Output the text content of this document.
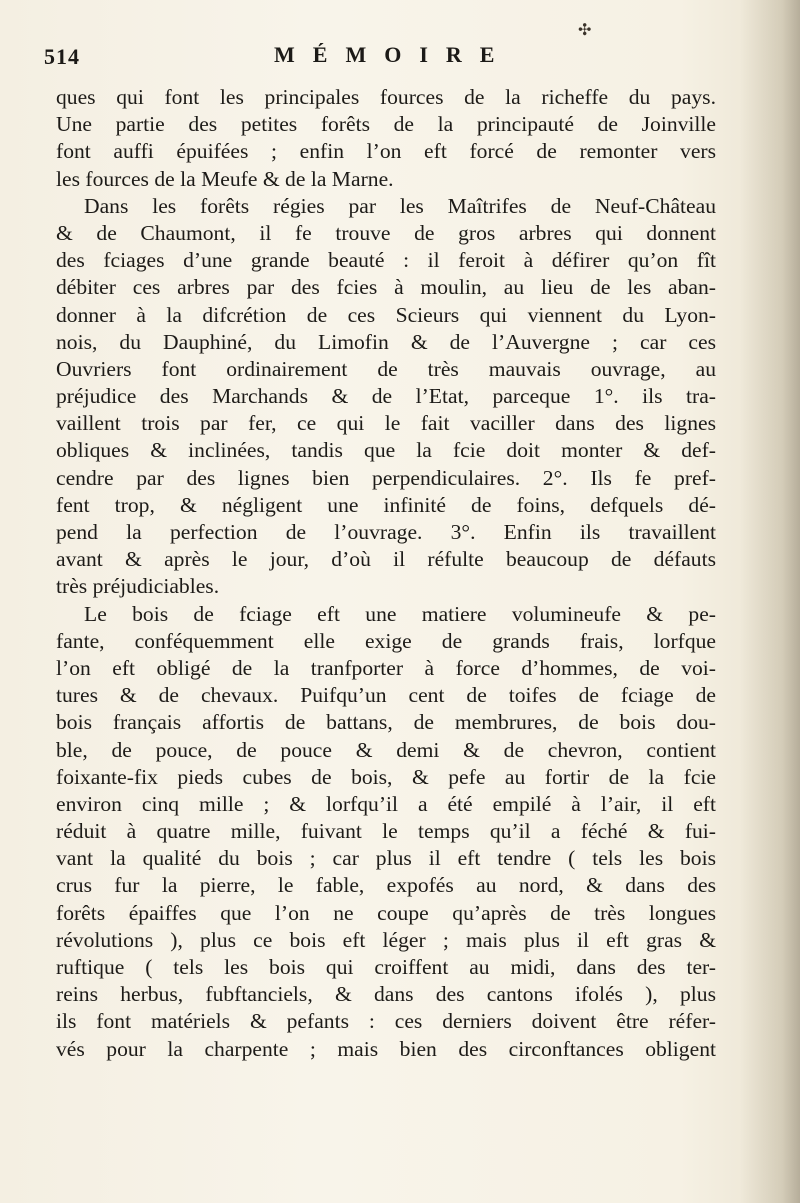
514
✣
MÉMOIRE
ques qui font les principales fources de la richeffe du pays.
Une partie des petites forêts de la principauté de Joinville
font auffi épuifées ; enfin l’on eft forcé de remonter vers
les fources de la Meufe & de la Marne.
Dans les forêts régies par les Maîtrifes de Neuf-Château
& de Chaumont, il fe trouve de gros arbres qui donnent
des fciages d’une grande beauté : il feroit à défirer qu’on fît
débiter ces arbres par des fcies à moulin, au lieu de les aban-
donner à la difcrétion de ces Scieurs qui viennent du Lyon-
nois, du Dauphiné, du Limofin & de l’Auvergne ; car ces
Ouvriers font ordinairement de très mauvais ouvrage, au
préjudice des Marchands & de l’Etat, parceque 1°. ils tra-
vaillent trois par fer, ce qui le fait vaciller dans des lignes
obliques & inclinées, tandis que la fcie doit monter & def-
cendre par des lignes bien perpendiculaires. 2°. Ils fe pref-
fent trop, & négligent une infinité de foins, defquels dé-
pend la perfection de l’ouvrage. 3°. Enfin ils travaillent
avant & après le jour, d’où il réfulte beaucoup de défauts
très préjudiciables.
Le bois de fciage eft une matiere volumineufe & pe-
fante, conféquemment elle exige de grands frais, lorfque
l’on eft obligé de la tranfporter à force d’hommes, de voi-
tures & de chevaux. Puifqu’un cent de toifes de fciage de
bois français affortis de battans, de membrures, de bois dou-
ble, de pouce, de pouce & demi & de chevron, contient
foixante-fix pieds cubes de bois, & pefe au fortir de la fcie
environ cinq mille ; & lorfqu’il a été empilé à l’air, il eft
réduit à quatre mille, fuivant le temps qu’il a féché & fui-
vant la qualité du bois ; car plus il eft tendre ( tels les bois
crus fur la pierre, le fable, expofés au nord, & dans des
forêts épaiffes que l’on ne coupe qu’après de très longues
révolutions ), plus ce bois eft léger ; mais plus il eft gras &
ruftique ( tels les bois qui croiffent au midi, dans des ter-
reins herbus, fubftanciels, & dans des cantons ifolés ), plus
ils font matériels & pefants : ces derniers doivent être réfer-
vés pour la charpente ; mais bien des circonftances obligent
